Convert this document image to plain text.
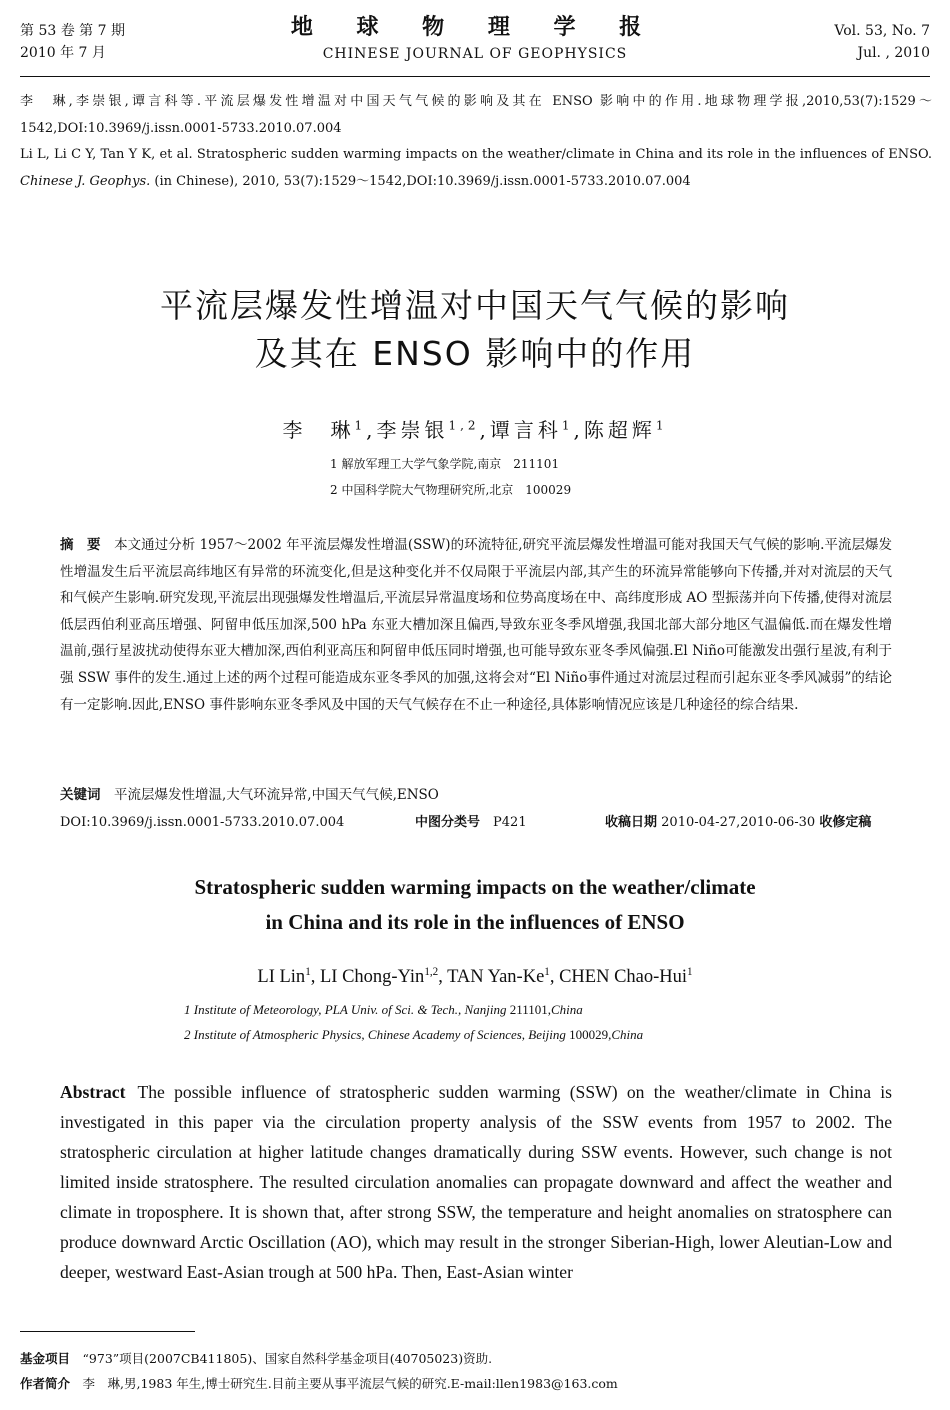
第 53 卷 第 7 期
2010 年 7 月
地 球 物 理 学 报
CHINESE JOURNAL OF GEOPHYSICS
Vol. 53, No. 7
Jul. , 2010
李　琳,李崇银,谭言科等.平流层爆发性增温对中国天气气候的影响及其在 ENSO 影响中的作用.地球物理学报,2010,53(7):1529～1542,DOI:10.3969/j.issn.0001-5733.2010.07.004
Li L, Li C Y, Tan Y K, et al. Stratospheric sudden warming impacts on the weather/climate in China and its role in the influences of ENSO. Chinese J. Geophys. (in Chinese), 2010, 53(7):1529～1542,DOI:10.3969/j.issn.0001-5733.2010.07.004
平流层爆发性增温对中国天气气候的影响
及其在 ENSO 影响中的作用
李　琳$^1$,李崇银$^{1,2}$,谭言科$^1$,陈超辉$^1$
1 解放军理工大学气象学院,南京　211101
2 中国科学院大气物理研究所,北京　100029
摘　要　 本文通过分析 1957～2002 年平流层爆发性增温(SSW)的环流特征,研究平流层爆发性增温可能对我国天气气候的影响.平流层爆发性增温发生后平流层高纬地区有异常的环流变化,但是这种变化并不仅局限于平流层内部,其产生的环流异常能够向下传播,并对对流层的天气和气候产生影响.研究发现,平流层出现强爆发性增温后,平流层异常温度场和位势高度场在中、高纬度形成 AO 型振荡并向下传播,使得对流层低层西伯利亚高压增强、阿留申低压加深,500 hPa 东亚大槽加深且偏西,导致东亚冬季风增强,我国北部大部分地区气温偏低.而在爆发性增温前,强行星波扰动使得东亚大槽加深,西伯利亚高压和阿留申低压同时增强,也可能导致东亚冬季风偏强.El Niño可能激发出强行星波,有利于强 SSW 事件的发生.通过上述的两个过程可能造成东亚冬季风的加强,这将会对“El Niño事件通过对流层过程而引起东亚冬季风减弱”的结论有一定影响.因此,ENSO 事件影响东亚冬季风及中国的天气气候存在不止一种途径,具体影响情况应该是几种途径的综合结果.
关键词　 平流层爆发性增温,大气环流异常,中国天气气候,ENSO
DOI:10.3969/j.issn.0001-5733.2010.07.004	中图分类号　 P421	收稿日期 2010-04-27,2010-06-30 收修定稿
Stratospheric sudden warming impacts on the weather/climate
in China and its role in the influences of ENSO
LI Lin$^1$, LI Chong-Yin$^{1,2}$, TAN Yan-Ke$^1$, CHEN Chao-Hui$^1$
1 Institute of Meteorology, PLA Univ. of Sci. & Tech., Nanjing 211101,China
2 Institute of Atmospheric Physics, Chinese Academy of Sciences, Beijing 100029,China
Abstract The possible influence of stratospheric sudden warming (SSW) on the weather/climate in China is investigated in this paper via the circulation property analysis of the SSW events from 1957 to 2002. The stratospheric circulation at higher latitude changes dramatically during SSW events. However, such change is not limited inside stratosphere. The resulted circulation anomalies can propagate downward and affect the weather and climate in troposphere. It is shown that, after strong SSW, the temperature and height anomalies on stratosphere can produce downward Arctic Oscillation (AO), which may result in the stronger Siberian-High, lower Aleutian-Low and deeper, westward East-Asian trough at 500 hPa. Then, East-Asian winter
基金项目　 “973”项目(2007CB411805)、国家自然科学基金项目(40705023)资助.
作者简介　 李　琳,男,1983 年生,博士研究生.目前主要从事平流层气候的研究.E-mail:llen1983@163.com
